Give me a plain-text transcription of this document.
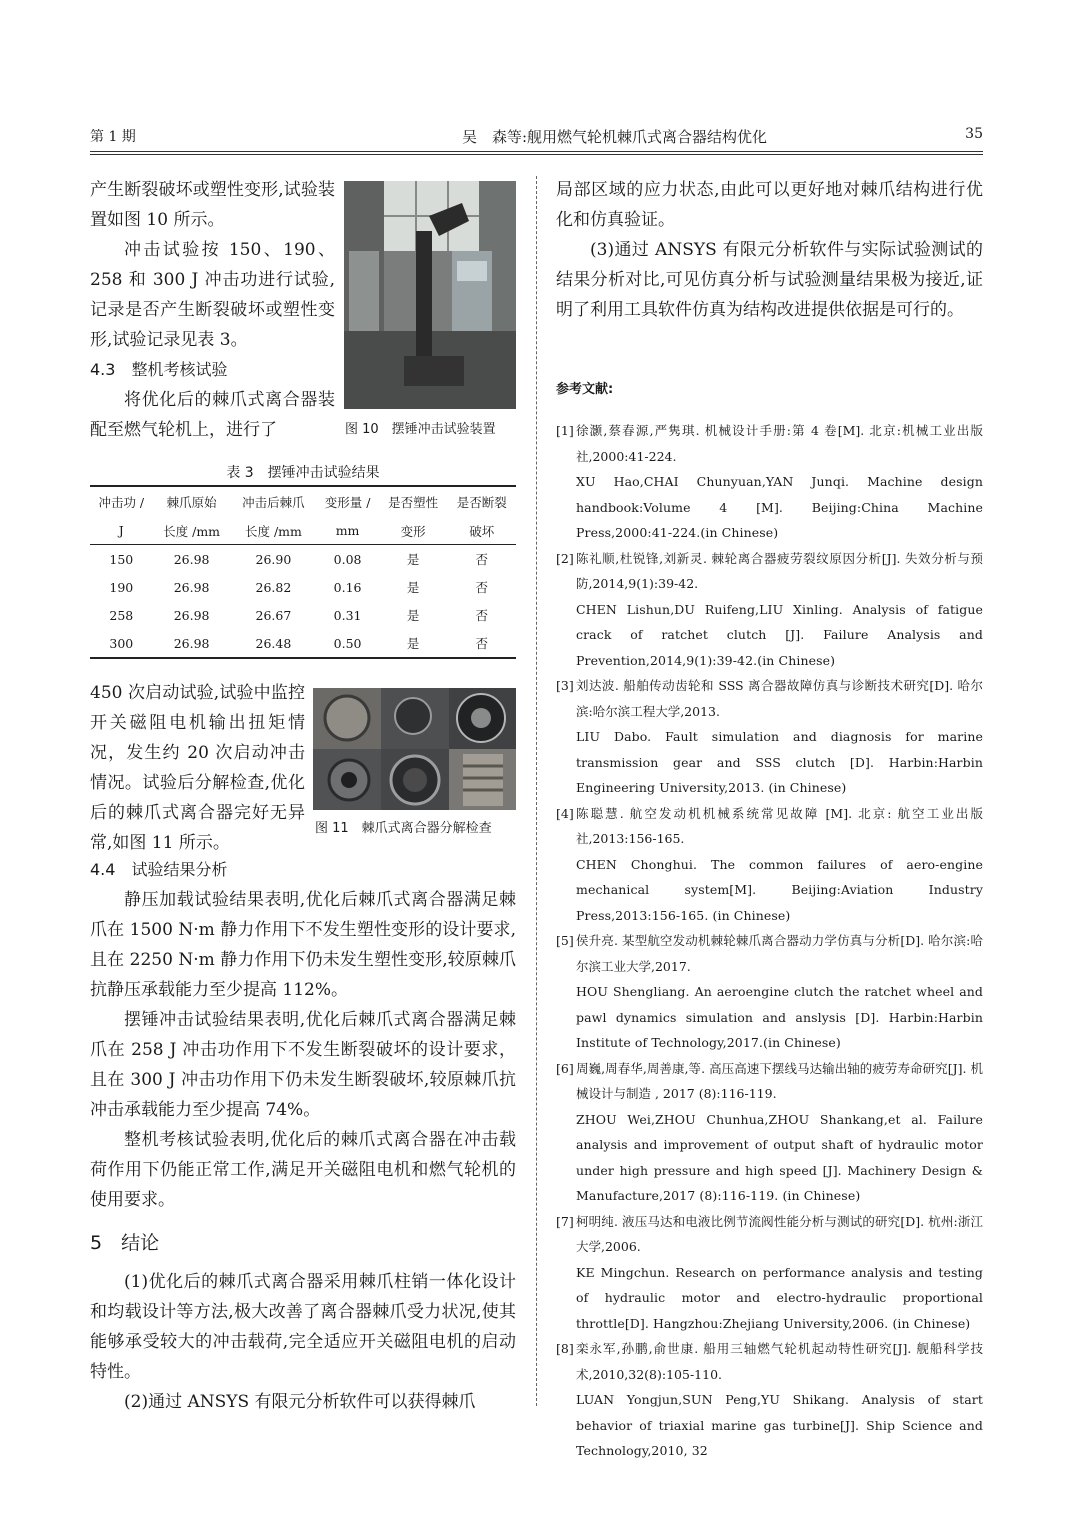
第 1 期	吴　森等:舰用燃气轮机棘爪式离合器结构优化	35

产生断裂破坏或塑性变形,试验装置如图 10 所示。

冲击试验按 150、190、258 和 300 J 冲击功进行试验,记录是否产生断裂破坏或塑性变形,试验记录见表 3。

4.3　整机考核试验

将优化后的棘爪式离合器装配至燃气轮机上，进行了	图 10　摆锤冲击试验装置
表 3　摆锤冲击试验结果
冲击功 /	棘爪原始	冲击后棘爪	变形量 /	是否塑性	是否断裂
J	长度 /mm	长度 /mm	mm	变形	破坏
150	26.98	26.90	0.08	是	否
190	26.98	26.82	0.16	是	否
258	26.98	26.67	0.31	是	否
300	26.98	26.48	0.50	是	否

450 次启动试验,试验中监控开关磁阻电机输出扭矩情况，发生约 20 次启动冲击情况。试验后分解检查,优化后的棘爪式离合器完好无异常,如图 11 所示。

图 11　棘爪式离合器分解检查

4.4　试验结果分析

静压加载试验结果表明,优化后棘爪式离合器满足棘爪在 1500 N·m 静力作用下不发生塑性变形的设计要求,且在 2250 N·m 静力作用下仍未发生塑性变形,较原棘爪抗静压承载能力至少提高 112%。

摆锤冲击试验结果表明,优化后棘爪式离合器满足棘爪在 258 J 冲击功作用下不发生断裂破坏的设计要求，且在 300 J 冲击功作用下仍未发生断裂破坏,较原棘爪抗冲击承载能力至少提高 74%。

整机考核试验表明,优化后的棘爪式离合器在冲击载荷作用下仍能正常工作,满足开关磁阻电机和燃气轮机的使用要求。

5　结论

(1)优化后的棘爪式离合器采用棘爪柱销一体化设计和均载设计等方法,极大改善了离合器棘爪受力状况,使其能够承受较大的冲击载荷,完全适应开关磁阻电机的启动特性。

(2)通过 ANSYS 有限元分析软件可以获得棘爪

局部区域的应力状态,由此可以更好地对棘爪结构进行优化和仿真验证。

(3)通过 ANSYS 有限元分析软件与实际试验测试的结果分析对比,可见仿真分析与试验测量结果极为接近,证明了利用工具软件仿真为结构改进提供依据是可行的。

参考文献:
[1] 徐灏,蔡春源,严隽琪. 机械设计手册:第 4 卷[M]. 北京:机械工业出版社,2000:41-224.
XU Hao,CHAI Chunyuan,YAN Junqi. Machine design handbook:Volume 4 [M]. Beijing:China Machine Press,2000:41-224.(in Chinese)
[2] 陈礼顺,杜锐锋,刘新灵. 棘轮离合器疲劳裂纹原因分析[J]. 失效分析与预防,2014,9(1):39-42.
CHEN Lishun,DU Ruifeng,LIU Xinling. Analysis of fatigue crack of ratchet clutch [J]. Failure Analysis and Prevention,2014,9(1):39-42.(in Chinese)
[3] 刘达波. 船舶传动齿轮和 SSS 离合器故障仿真与诊断技术研究[D]. 哈尔滨:哈尔滨工程大学,2013.
LIU Dabo. Fault simulation and diagnosis for marine transmission gear and SSS clutch [D]. Harbin:Harbin Engineering University,2013. (in Chinese)
[4] 陈聪慧. 航空发动机机械系统常见故障 [M]. 北京: 航空工业出版社,2013:156-165.
CHEN Chonghui. The common failures of aero-engine mechanical system[M]. Beijing:Aviation Industry Press,2013:156-165. (in Chinese)
[5] 侯升亮. 某型航空发动机棘轮棘爪离合器动力学仿真与分析[D]. 哈尔滨:哈尔滨工业大学,2017.
HOU Shengliang. An aeroengine clutch the ratchet wheel and pawl dynamics simulation and anslysis [D]. Harbin:Harbin Institute of Technology,2017.(in Chinese)
[6] 周巍,周春华,周善康,等. 高压高速下摆线马达输出轴的疲劳寿命研究[J]. 机械设计与制造 , 2017 (8):116-119.
ZHOU Wei,ZHOU Chunhua,ZHOU Shankang,et al. Failure analysis and improvement of output shaft of hydraulic motor under high pressure and high speed [J]. Machinery Design & Manufacture,2017 (8):116-119. (in Chinese)
[7] 柯明纯. 液压马达和电液比例节流阀性能分析与测试的研究[D]. 杭州:浙江大学,2006.
KE Mingchun. Research on performance analysis and testing of hydraulic motor and electro-hydraulic proportional throttle[D]. Hangzhou:Zhejiang University,2006. (in Chinese)
[8] 栾永军,孙鹏,俞世康. 船用三轴燃气轮机起动特性研究[J]. 舰船科学技术,2010,32(8):105-110.
LUAN Yongjun,SUN Peng,YU Shikang. Analysis of start behavior of triaxial marine gas turbine[J]. Ship Science and Technology,2010, 32
